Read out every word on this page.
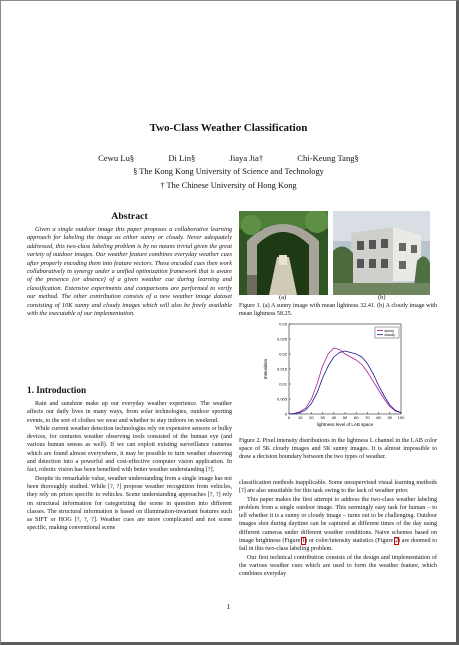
Two-Class Weather Classification
Cewu Lu§	Di Lin§	Jiaya Jia†	Chi-Keung Tang§
§ The Kong Kong University of Science and Technology
† The Chinese University of Hong Kong
Abstract

Given a single outdoor image this paper proposes a collaborative learning approach for labeling the image as either sunny or cloudy. Never adequately addressed, this two-class labeling problem is by no means trivial given the great variety of outdoor images. Our weather feature combines everyday weather cues after properly encoding them into feature vectors. These encoded cues then work collaboratively in synergy under a unified optimization framework that is aware of the presence (or absence) of a given weather cue during learning and classification. Extensive experiments and comparisons are performed to verify our method. The other contribution consists of a new weather image dataset consisting of 10K sunny and cloudy images which will also be freely available with the executable of our implementation.

1. Introduction

Rain and sunshine make up our everyday weather experience. The weather affects our daily lives in many ways, from solar technologies, outdoor sporting events, to the sort of clothes we wear and whether to stay indoors on weekend.

While current weather detection technologies rely on expensive sensors or bulky devices, for centuries weather observing tools consisted of the human eye (and various human senses as well). If we can exploit existing surveillance cameras which are found almost everywhere, it may be possible to turn weather observing and detection into a powerful and cost-effective computer vision application. In fact, robotic vision has been benefited with better weather understanding [?].

Despite its remarkable value, weather understanding from a single image has not been thoroughly studied. While [?, ?] propose weather recognition from vehicles, they rely on priors specific to vehicles. Scene understanding approaches [?, ?] rely on structural information for categorizing the scene in question into different classes. The structural information is based on illumination-invariant features such as SIFT or HOG [?, ?, ?]. Weather cues are more complicated and not scene specific, making conventional scene

(a)	(b)
Figure 1. (a) A sunny image with mean lightness 32.41. (b) A cloudy image with mean lightness 58.25.
0
0.005
0.01
0.015
0.02
0.025
0.03
0 10 20 30 40 50 60 70 80 90 100
sunny
cloudy
Intensities
lightness level of LAB space
Figure 2. Pixel intensity distributions in the lightness L channel in the LAB color space of 5K cloudy images and 5K sunny images. It is almost impossible to draw a decision boundary between the two types of weather.

classification methods inapplicable. Some unsupervised visual learning methods [?] are also unsuitable for this task owing to the lack of weather prior.

This paper makes the first attempt to address the two-class weather labeling problem from a single outdoor image. This seemingly easy task for human – to tell whether it is a sunny or cloudy image – turns out to be challenging. Outdoor images shot during daytime can be captured at different times of the day using different cameras under different weather conditions. Naive schemes based on image brightness (Figure 1) or color/intensity statistics (Figure 2) are doomed to fail in this two-class labeling problem.

Our first technical contribution consists of the design and implementation of the various weather cues which are used to form the weather feature, which combines everyday

1
